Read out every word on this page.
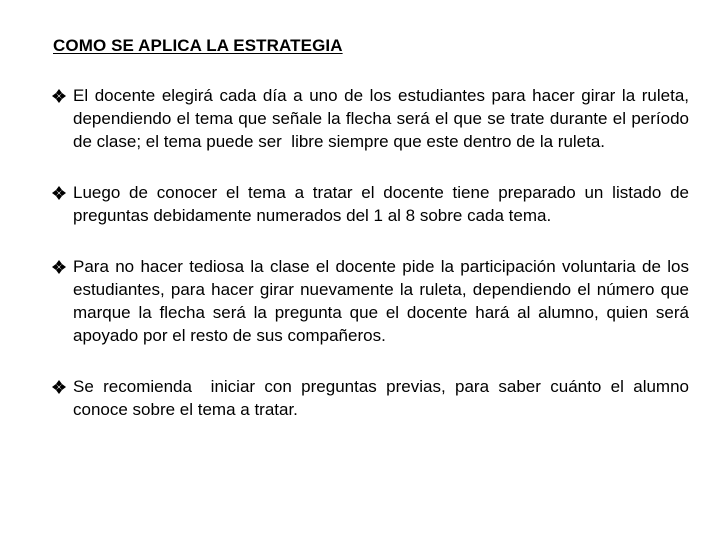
COMO SE APLICA LA ESTRATEGIA
El docente elegirá cada día a uno de los estudiantes para hacer girar la ruleta,  dependiendo el tema que señale la flecha será el que se trate durante el período de clase; el tema puede ser  libre siempre que este dentro de la ruleta.
Luego de conocer el tema a tratar el docente tiene preparado un listado de  preguntas debidamente numerados del 1 al 8 sobre cada tema.
Para no hacer tediosa la clase el docente pide la participación voluntaria de los estudiantes, para hacer girar nuevamente la ruleta, dependiendo el número que marque la flecha será la pregunta que el docente hará al alumno, quien será apoyado por el resto de sus compañeros.
Se recomienda  iniciar con preguntas previas, para saber cuánto el alumno conoce sobre el tema a tratar.
